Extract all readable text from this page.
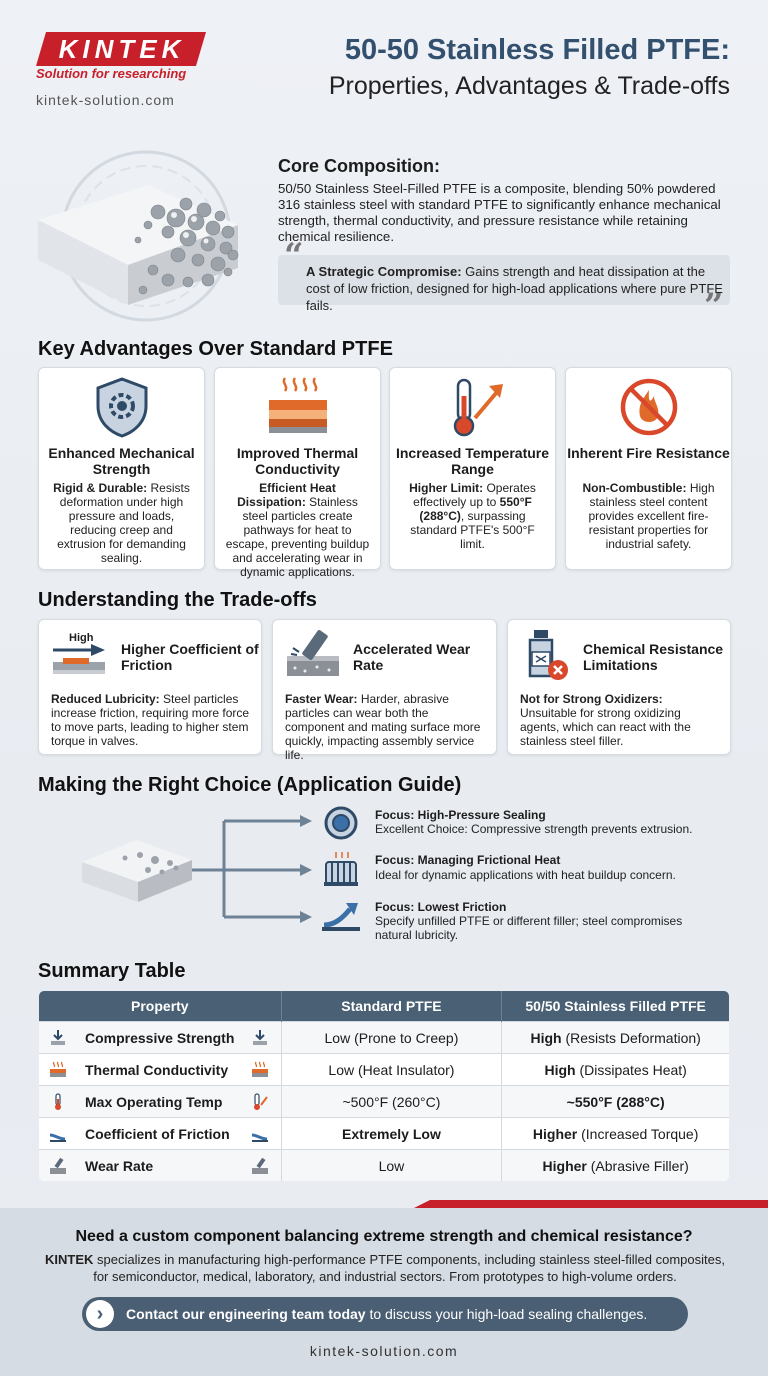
KINTEK
Solution for researching
kintek-solution.com
50-50 Stainless Filled PTFE:
Properties, Advantages & Trade-offs
Core Composition:
50/50 Stainless Steel-Filled PTFE is a composite, blending 50% powdered 316 stainless steel with standard PTFE to significantly enhance mechanical strength, thermal conductivity, and pressure resistance while retaining chemical resilience.
“
”
A Strategic Compromise: Gains strength and heat dissipation at the cost of low friction, designed for high-load applications where pure PTFE fails.
Key Advantages Over Standard PTFE
Enhanced Mechanical Strength
Rigid & Durable: Resists deformation under high pressure and loads, reducing creep and extrusion for demanding sealing.
Improved Thermal Conductivity
Efficient Heat Dissipation: Stainless steel particles create pathways for heat to escape, preventing buildup and accelerating wear in dynamic applications.
Increased Temperature Range
Higher Limit: Operates effectively up to 550°F (288°C), surpassing standard PTFE's 500°F limit.
Inherent Fire Resistance
Non-Combustible: High stainless steel content provides excellent fire-resistant properties for industrial safety.
Understanding the Trade-offs
High
Higher Coefficient of Friction
Reduced Lubricity: Steel particles increase friction, requiring more force to move parts, leading to higher stem torque in valves.
Accelerated Wear Rate
Faster Wear: Harder, abrasive particles can wear both the component and mating surface more quickly, impacting assembly service life.
Chemical Resistance Limitations
Not for Strong Oxidizers: Unsuitable for strong oxidizing agents, which can react with the stainless steel filler.
Making the Right Choice (Application Guide)
Focus: High-Pressure Sealing
Excellent Choice: Compressive strength prevents extrusion.
Focus: Managing Frictional Heat
Ideal for dynamic applications with heat buildup concern.
Focus: Lowest Friction
Specify unfilled PTFE or different filler; steel compromises natural lubricity.
Summary Table
Property	Standard PTFE	50/50 Stainless Filled PTFE

Compressive Strength	Low (Prone to Creep)	High (Resists Deformation)

Thermal Conductivity	Low (Heat Insulator)	High (Dissipates Heat)

Max Operating Temp	~500°F (260°C)	~550°F (288°C)

Coefficient of Friction	Extremely Low	Higher (Increased Torque)

Wear Rate	Low	Higher (Abrasive Filler)
Need a custom component balancing extreme strength and chemical resistance?
KINTEK specializes in manufacturing high-performance PTFE components, including stainless steel-filled composites, for semiconductor, medical, laboratory, and industrial sectors. From prototypes to high-volume orders.
›	Contact our engineering team today to discuss your high-load sealing challenges.
kintek-solution.com
